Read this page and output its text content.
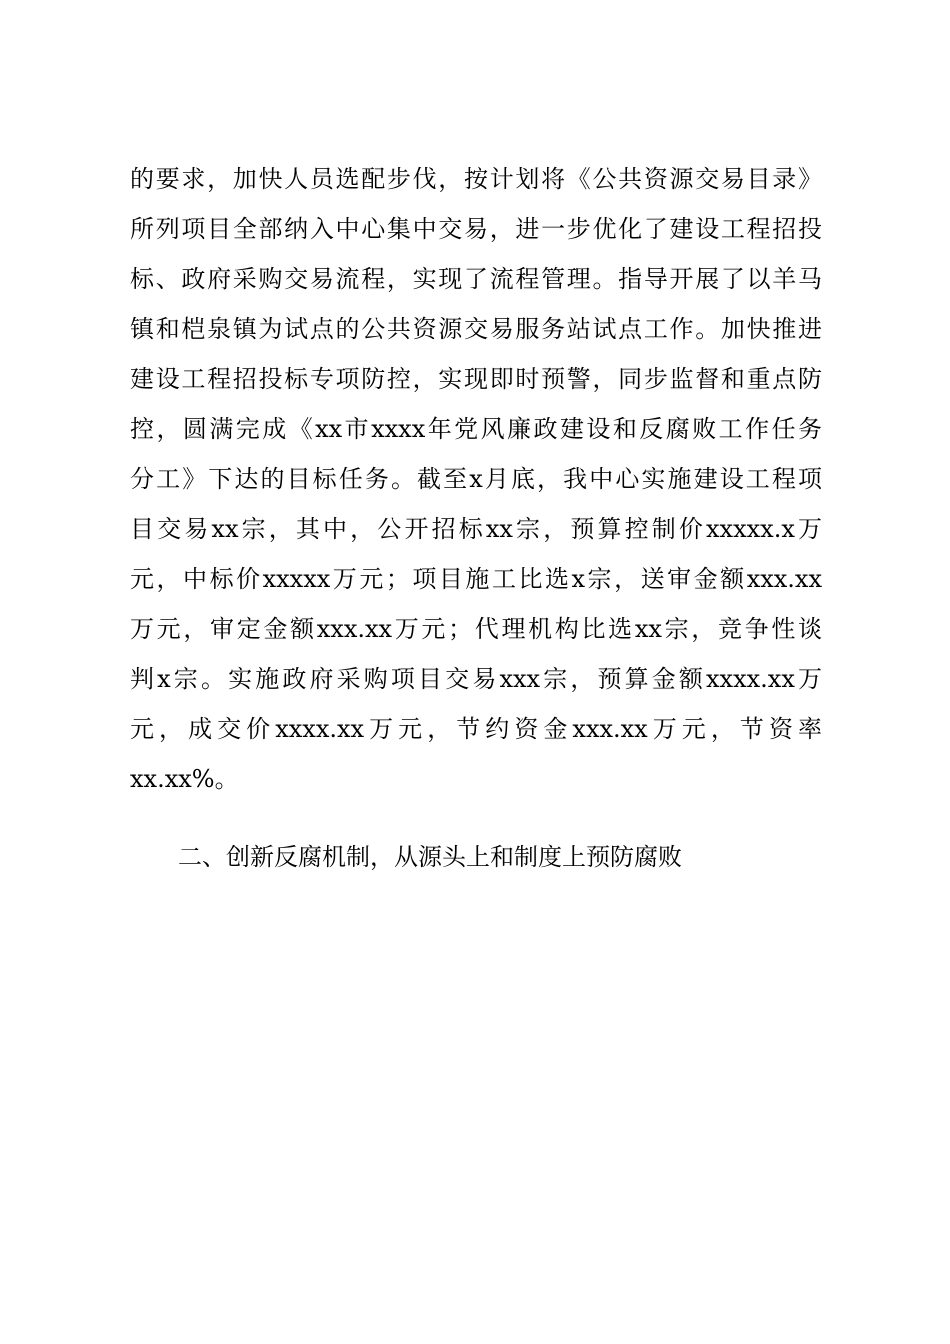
的要求，加快人员选配步伐，按计划将《公共资源交易目录》
所列项目全部纳入中心集中交易，进一步优化了建设工程招投
标、政府采购交易流程，实现了流程管理。指导开展了以羊马
镇和桤泉镇为试点的公共资源交易服务站试点工作。加快推进
建设工程招投标专项防控，实现即时预警，同步监督和重点防
控，圆满完成《xx市xxxx年党风廉政建设和反腐败工作任务
分工》下达的目标任务。截至x月底，我中心实施建设工程项
目交易xx宗，其中，公开招标xx宗，预算控制价xxxxx.x万
元，中标价xxxxx万元；项目施工比选x宗，送审金额xxx.xx
万元，审定金额xxx.xx万元；代理机构比选xx宗，竞争性谈
判x宗。实施政府采购项目交易xxx宗，预算金额xxxx.xx万
元，成交价xxxx.xx万元，节约资金xxx.xx万元，节资率
xx.xx%。
二、创新反腐机制，从源头上和制度上预防腐败
